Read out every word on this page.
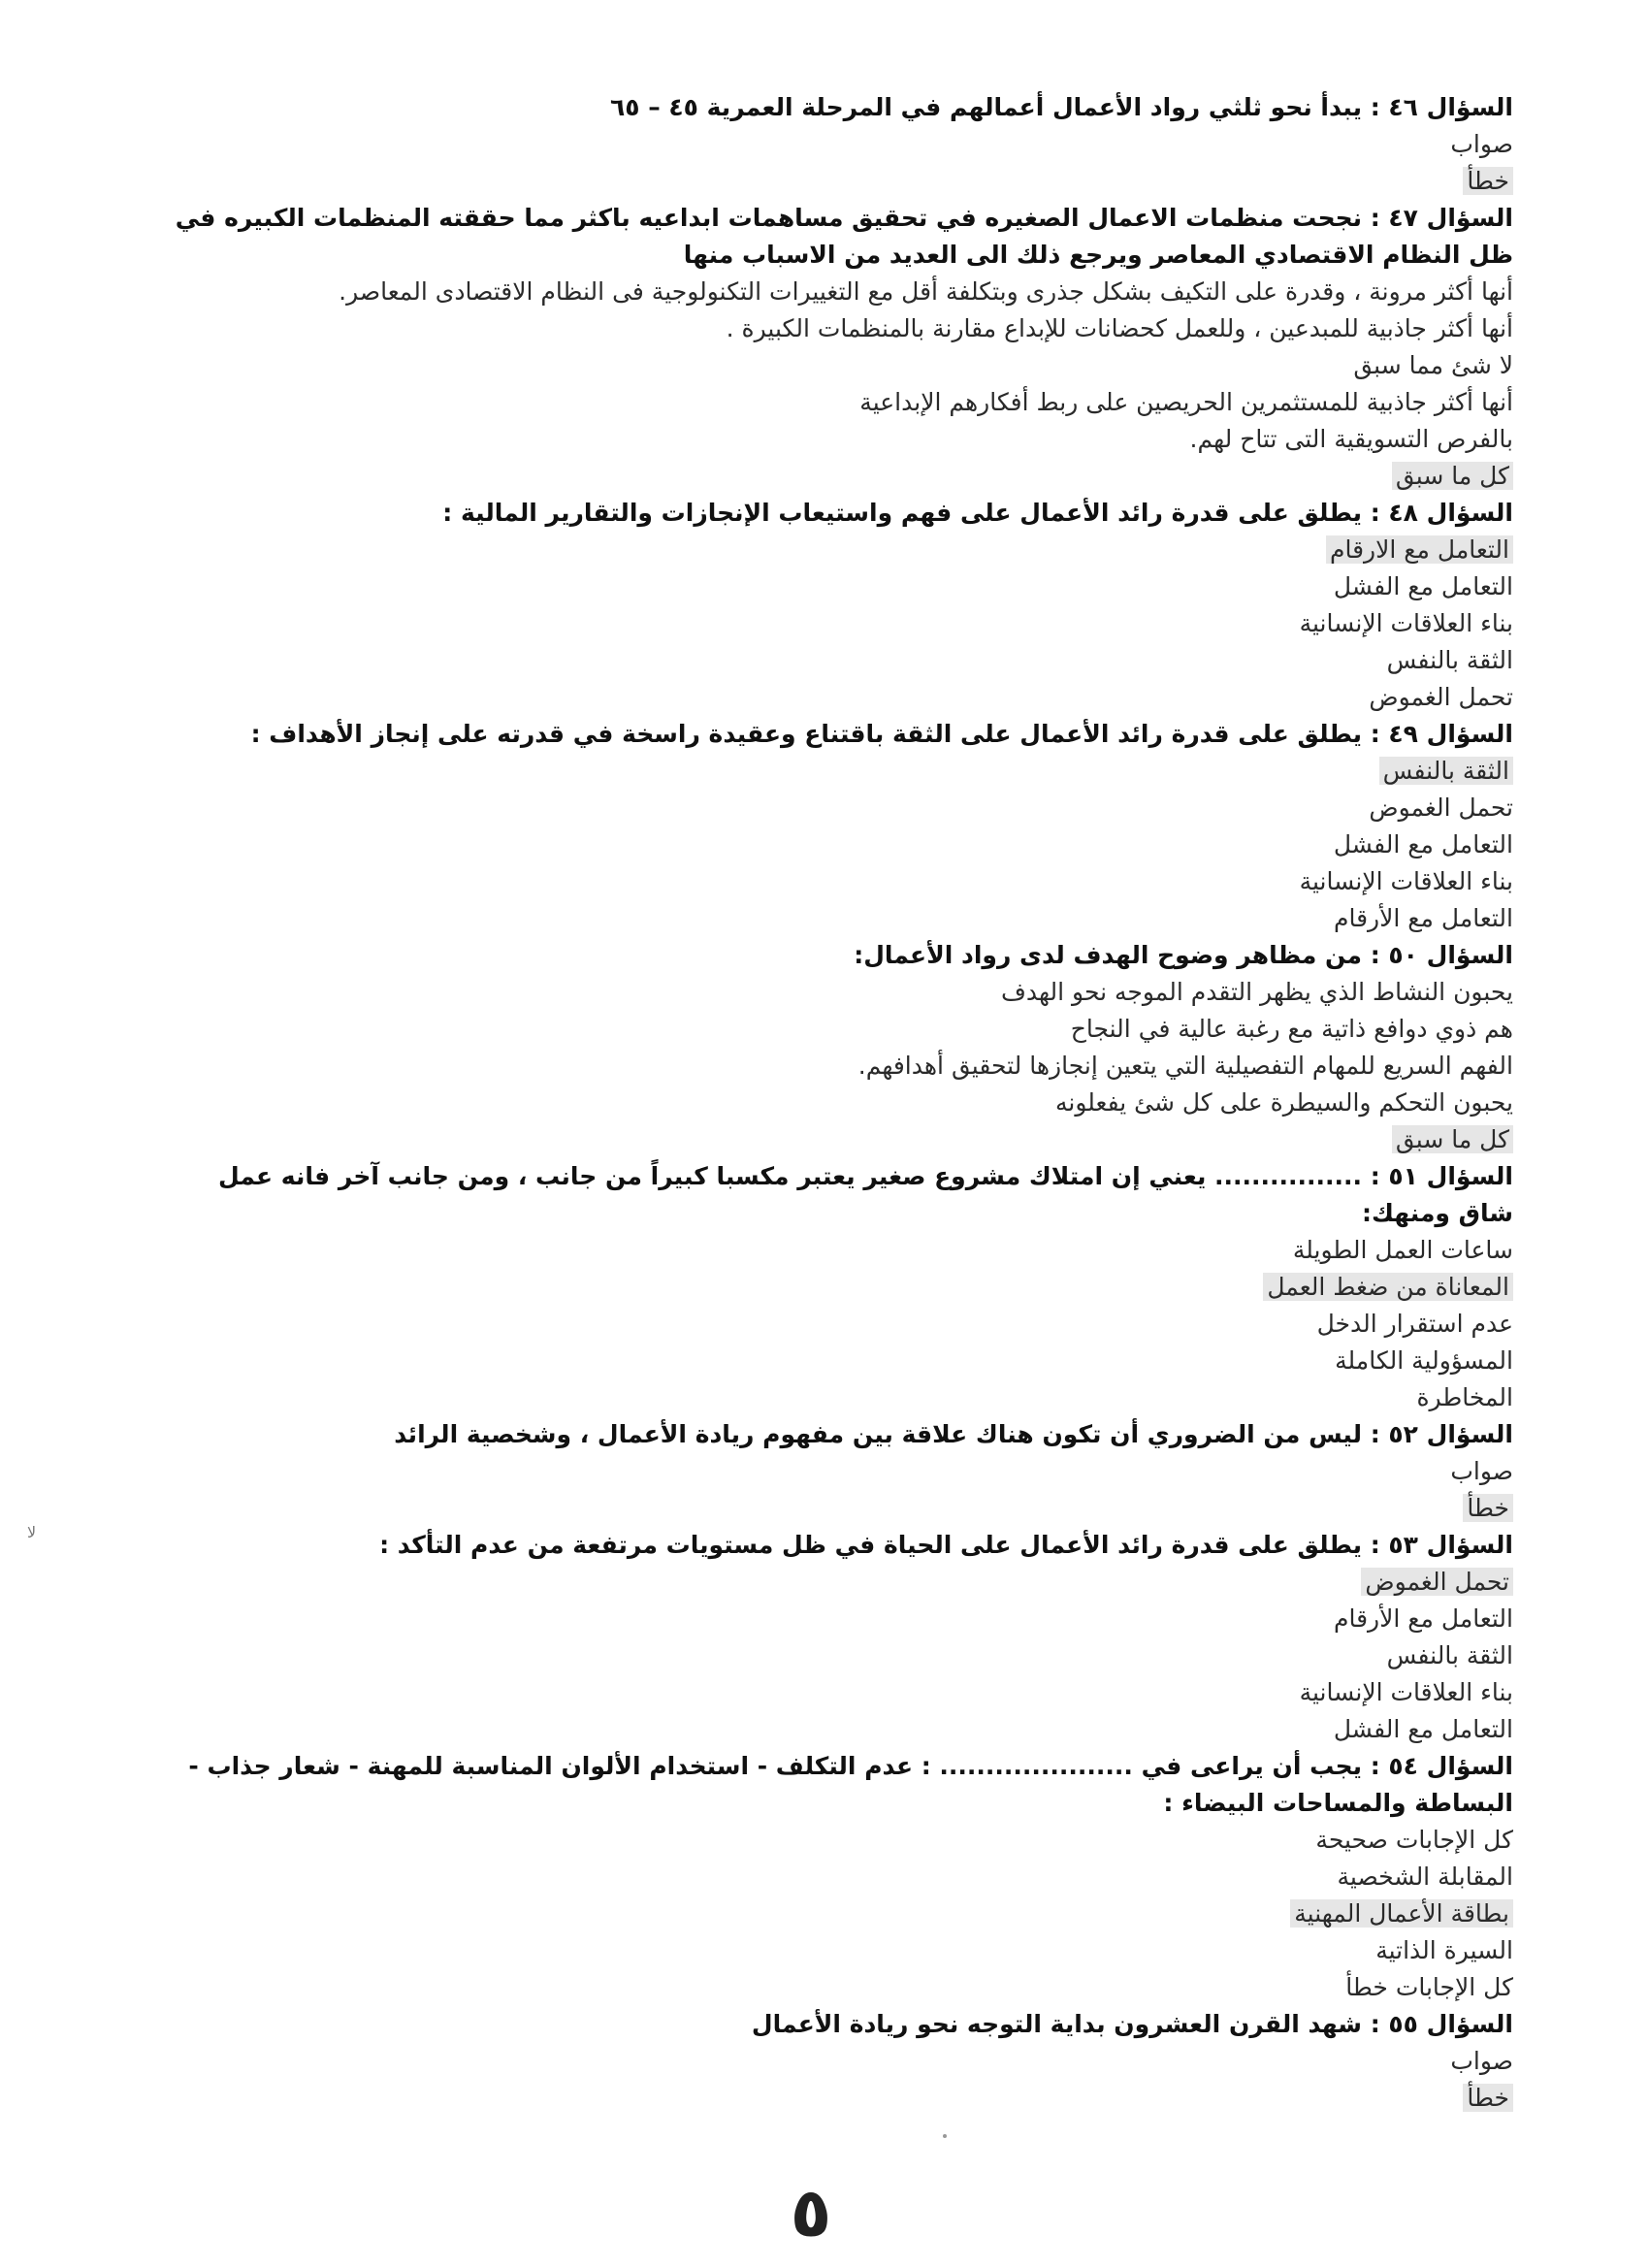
السؤال ٤٦ : يبدأ نحو ثلثي رواد الأعمال أعمالهم في المرحلة العمرية ٤٥ – ٦٥
صواب
خطأ
السؤال ٤٧ : نجحت منظمات الاعمال الصغيره في تحقيق مساهمات ابداعيه باكثر مما حققته المنظمات الكبيره في ظل النظام الاقتصادي المعاصر ويرجع ذلك الى العديد من الاسباب منها
أنها أكثر مرونة ، وقدرة على التكيف بشكل جذرى وبتكلفة أقل مع التغييرات التكنولوجية فى النظام الاقتصادى المعاصر.
أنها أكثر جاذبية للمبدعين ، وللعمل كحضانات للإبداع مقارنة بالمنظمات الكبيرة .
لا شئ مما سبق
أنها أكثر جاذبية للمستثمرين الحريصين على ربط أفكارهم الإبداعية بالفرص التسويقية التى تتاح لهم.
كل ما سبق
السؤال ٤٨ : يطلق على قدرة رائد الأعمال على فهم واستيعاب الإنجازات والتقارير المالية :
التعامل مع الارقام
التعامل مع الفشل
بناء العلاقات الإنسانية
الثقة بالنفس
تحمل الغموض
السؤال ٤٩ : يطلق على قدرة رائد الأعمال على الثقة باقتناع وعقيدة راسخة في قدرته على إنجاز الأهداف :
الثقة بالنفس
تحمل الغموض
التعامل مع الفشل
بناء العلاقات الإنسانية
التعامل مع الأرقام
السؤال ٥٠ : من مظاهر وضوح الهدف لدى رواد الأعمال:
يحبون النشاط الذي يظهر التقدم الموجه نحو الهدف
هم ذوي دوافع ذاتية مع رغبة عالية في النجاح
الفهم السريع للمهام التفصيلية التي يتعين إنجازها لتحقيق أهدافهم.
يحبون التحكم والسيطرة على كل شئ يفعلونه
كل ما سبق
السؤال ٥١ : ................ يعني إن امتلاك مشروع صغير يعتبر مكسبا كبيراً من جانب ، ومن جانب آخر فانه عمل شاق ومنهك:
ساعات العمل الطويلة
المعاناة من ضغط العمل
عدم استقرار الدخل
المسؤولية الكاملة
المخاطرة
السؤال ٥٢ : ليس من الضروري أن تكون هناك علاقة بين مفهوم ريادة الأعمال ، وشخصية الرائد
صواب
خطأ
السؤال ٥٣ : يطلق على قدرة رائد الأعمال على الحياة في ظل مستويات مرتفعة من عدم التأكد :
تحمل الغموض
التعامل مع الأرقام
الثقة بالنفس
بناء العلاقات الإنسانية
التعامل مع الفشل
السؤال ٥٤ : يجب أن يراعى في ..................... : عدم التكلف - استخدام الألوان المناسبة للمهنة - شعار جذاب - البساطة والمساحات البيضاء :
كل الإجابات صحيحة
المقابلة الشخصية
بطاقة الأعمال المهنية
السيرة الذاتية
كل الإجابات خطأ
السؤال ٥٥ : شهد القرن العشرون بداية التوجه نحو ريادة الأعمال
صواب
خطأ
ﻻ
٥
